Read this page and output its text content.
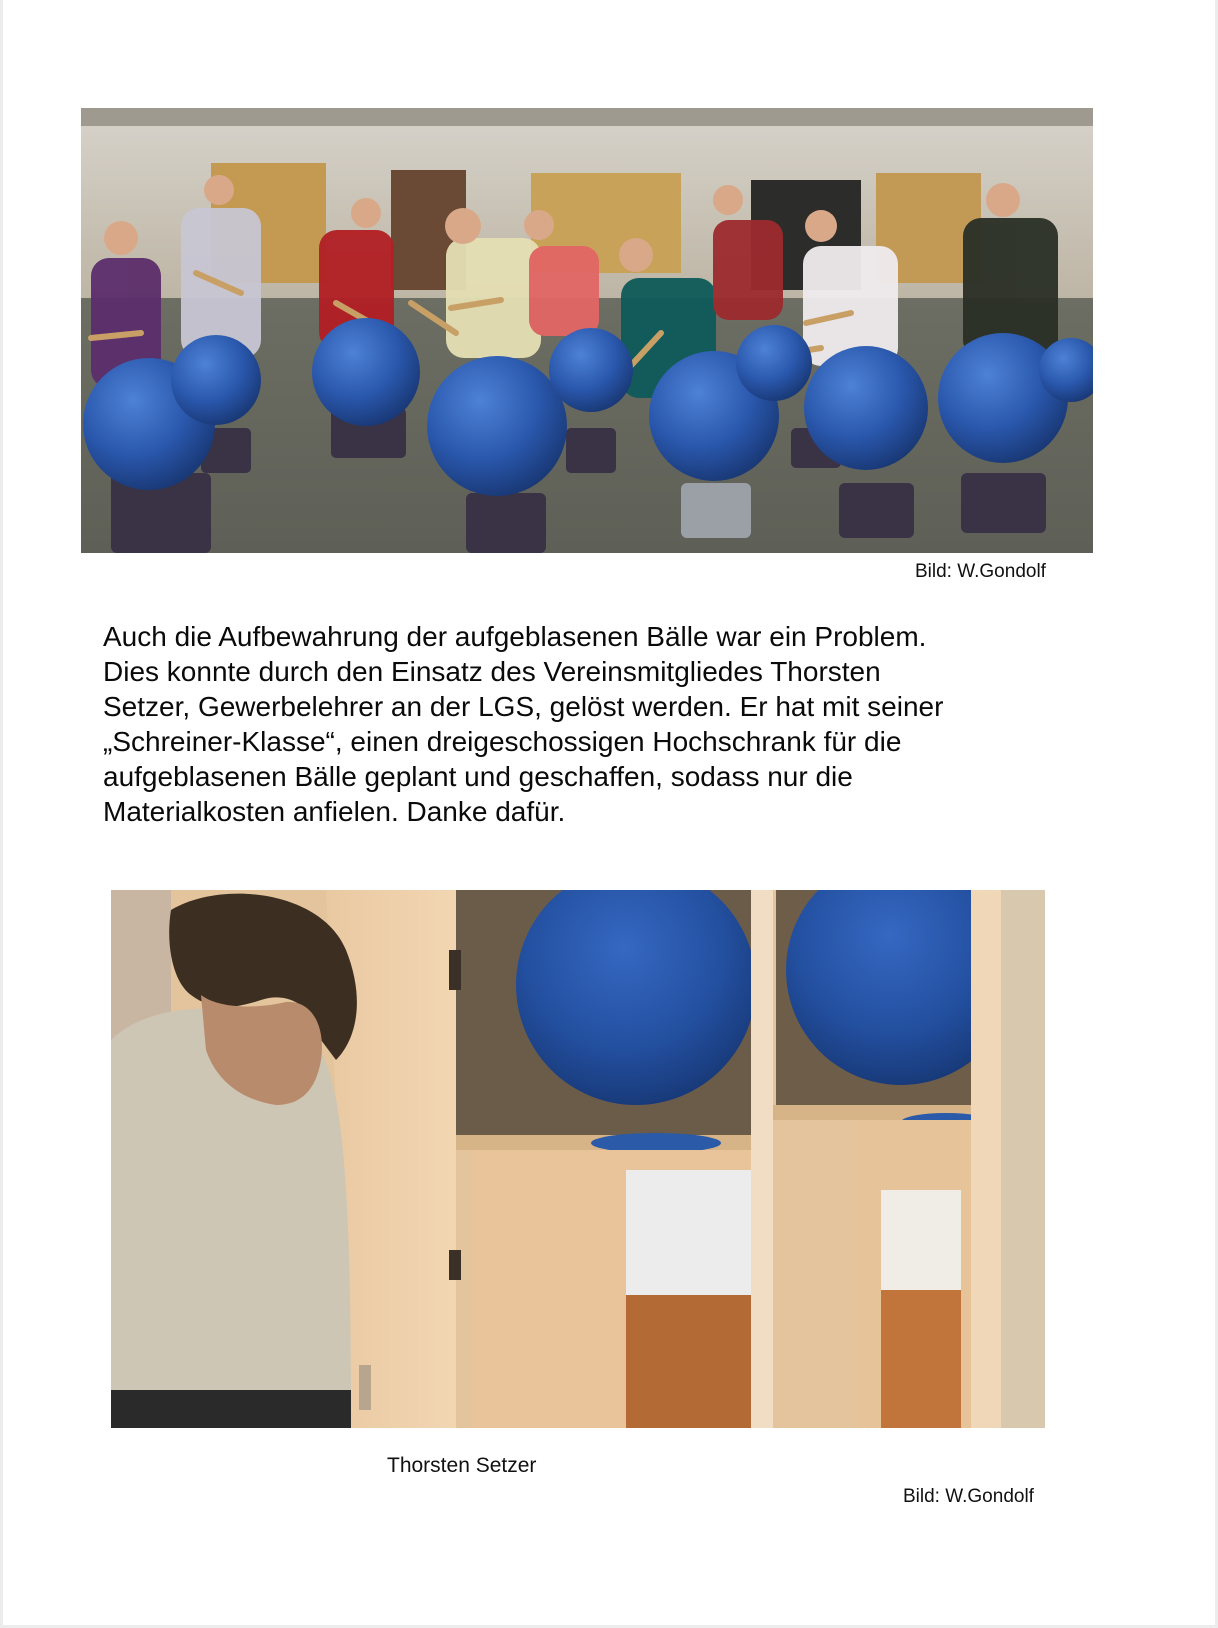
Bild: W.Gondolf

Auch die Aufbewahrung der aufgeblasenen Bälle war ein Problem.
Dies konnte durch den Einsatz des Vereinsmitgliedes Thorsten
Setzer, Gewerbelehrer an der LGS, gelöst werden. Er hat mit seiner
„Schreiner-Klasse“, einen dreigeschossigen Hochschrank für die
aufgeblasenen Bälle geplant und geschaffen, sodass nur die
Materialkosten anfielen. Danke dafür.

Thorsten Setzer
Bild: W.Gondolf
